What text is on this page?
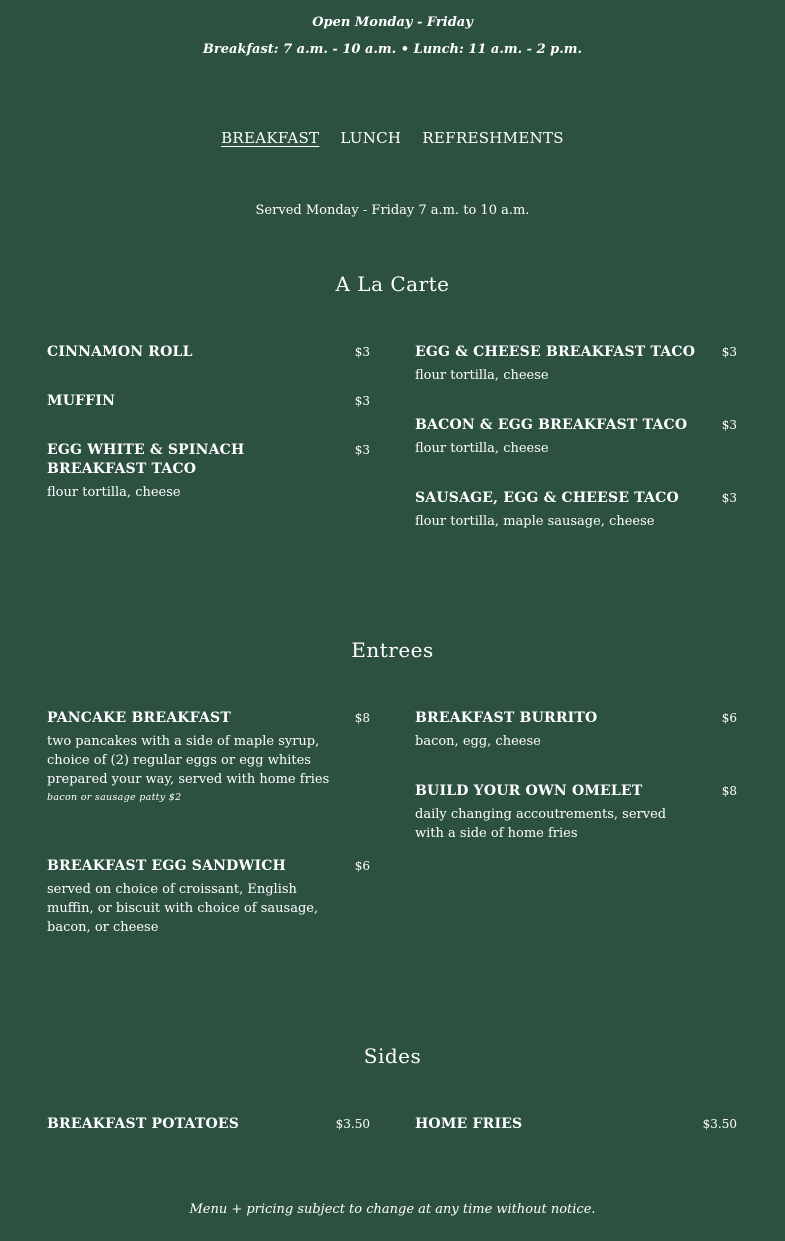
Open Monday - Friday
Breakfast: 7 a.m. - 10 a.m. • Lunch: 11 a.m. - 2 p.m.
BREAKFAST LUNCH REFRESHMENTS
Served Monday - Friday 7 a.m. to 10 a.m.
A La Carte
CINNAMON ROLL	$3
MUFFIN	$3
EGG WHITE & SPINACH BREAKFAST TACO
$3
flour tortilla, cheese
EGG & CHEESE BREAKFAST TACO $3
flour tortilla, cheese
BACON & EGG BREAKFAST TACO	$3
flour tortilla, cheese
SAUSAGE, EGG & CHEESE TACO	$3
flour tortilla, maple sausage, cheese
Entrees
PANCAKE BREAKFAST	$8
two pancakes with a side of maple syrup, choice of (2) regular eggs or egg whites prepared your way, served with home fries
bacon or sausage patty $2
BREAKFAST EGG SANDWICH	$6
served on choice of croissant, English muffin, or biscuit with choice of sausage, bacon, or cheese
BREAKFAST BURRITO	$6
bacon, egg, cheese
BUILD YOUR OWN OMELET	$8
daily changing accoutrements, served with a side of home fries
Sides
BREAKFAST POTATOES	$3.50	HOME FRIES	$3.50
Menu + pricing subject to change at any time without notice.
